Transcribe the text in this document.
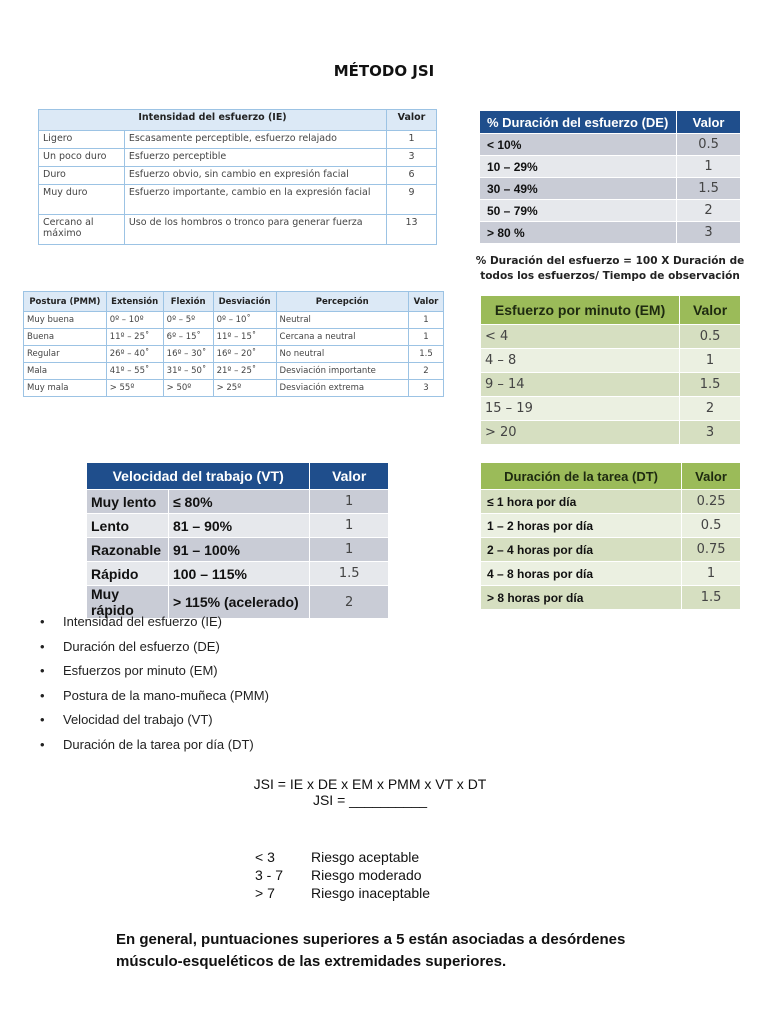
MÉTODO JSI
Intensidad del esfuerzo (IE)		Valor
Ligero	Escasamente perceptible, esfuerzo relajado	1
Un poco duro	Esfuerzo perceptible	3
Duro	Esfuerzo obvio, sin cambio en expresión facial	6
Muy duro	Esfuerzo importante, cambio en la expresión facial	9
Cercano al máximo	Uso de los hombros o tronco para generar fuerza	13
% Duración del esfuerzo (DE)	Valor
< 10%	0.5
10 – 29%	1
30 – 49%	1.5
50 – 79%	2
> 80 %	3
% Duración del esfuerzo = 100 X Duración de todos los esfuerzos/ Tiempo de observación
Postura (PMM)	Extensión	Flexión	Desviación	Percepción	Valor
Muy buena	0º – 10º	0º – 5º	0º – 10˚	Neutral	1
Buena	11º – 25˚	6º – 15˚	11º – 15˚	Cercana a neutral	1
Regular	26º – 40˚	16º – 30˚	16º – 20˚	No neutral	1.5
Mala	41º – 55˚	31º – 50˚	21º – 25˚	Desviación importante	2
Muy mala	> 55º	> 50º	> 25º	Desviación extrema	3
Esfuerzo por minuto (EM)	Valor
< 4	0.5
4 – 8	1
9 – 14	1.5
15 – 19	2
> 20	3
Velocidad del trabajo (VT)		Valor
Muy lento	≤ 80%	1
Lento	81 – 90%	1
Razonable	91 – 100%	1
Rápido	100 – 115%	1.5
Muy rápido	> 115% (acelerado)	2
Duración de la tarea (DT)	Valor
≤ 1 hora por día	0.25
1 – 2 horas por día	0.5
2 – 4 horas por día	0.75
4 – 8 horas por día	1
> 8 horas por día	1.5
• Intensidad del esfuerzo (IE)
• Duración del esfuerzo (DE)
• Esfuerzos por minuto (EM)
• Postura de la mano-muñeca (PMM)
• Velocidad del trabajo (VT)
• Duración de la tarea por día (DT)
JSI = IE x DE x EM x PMM x VT x DT
JSI = __________
< 3	Riesgo aceptable
3 - 7 Riesgo moderado
> 7	Riesgo inaceptable
En general, puntuaciones superiores a 5 están asociadas a desórdenes músculo-esqueléticos de las extremidades superiores.
